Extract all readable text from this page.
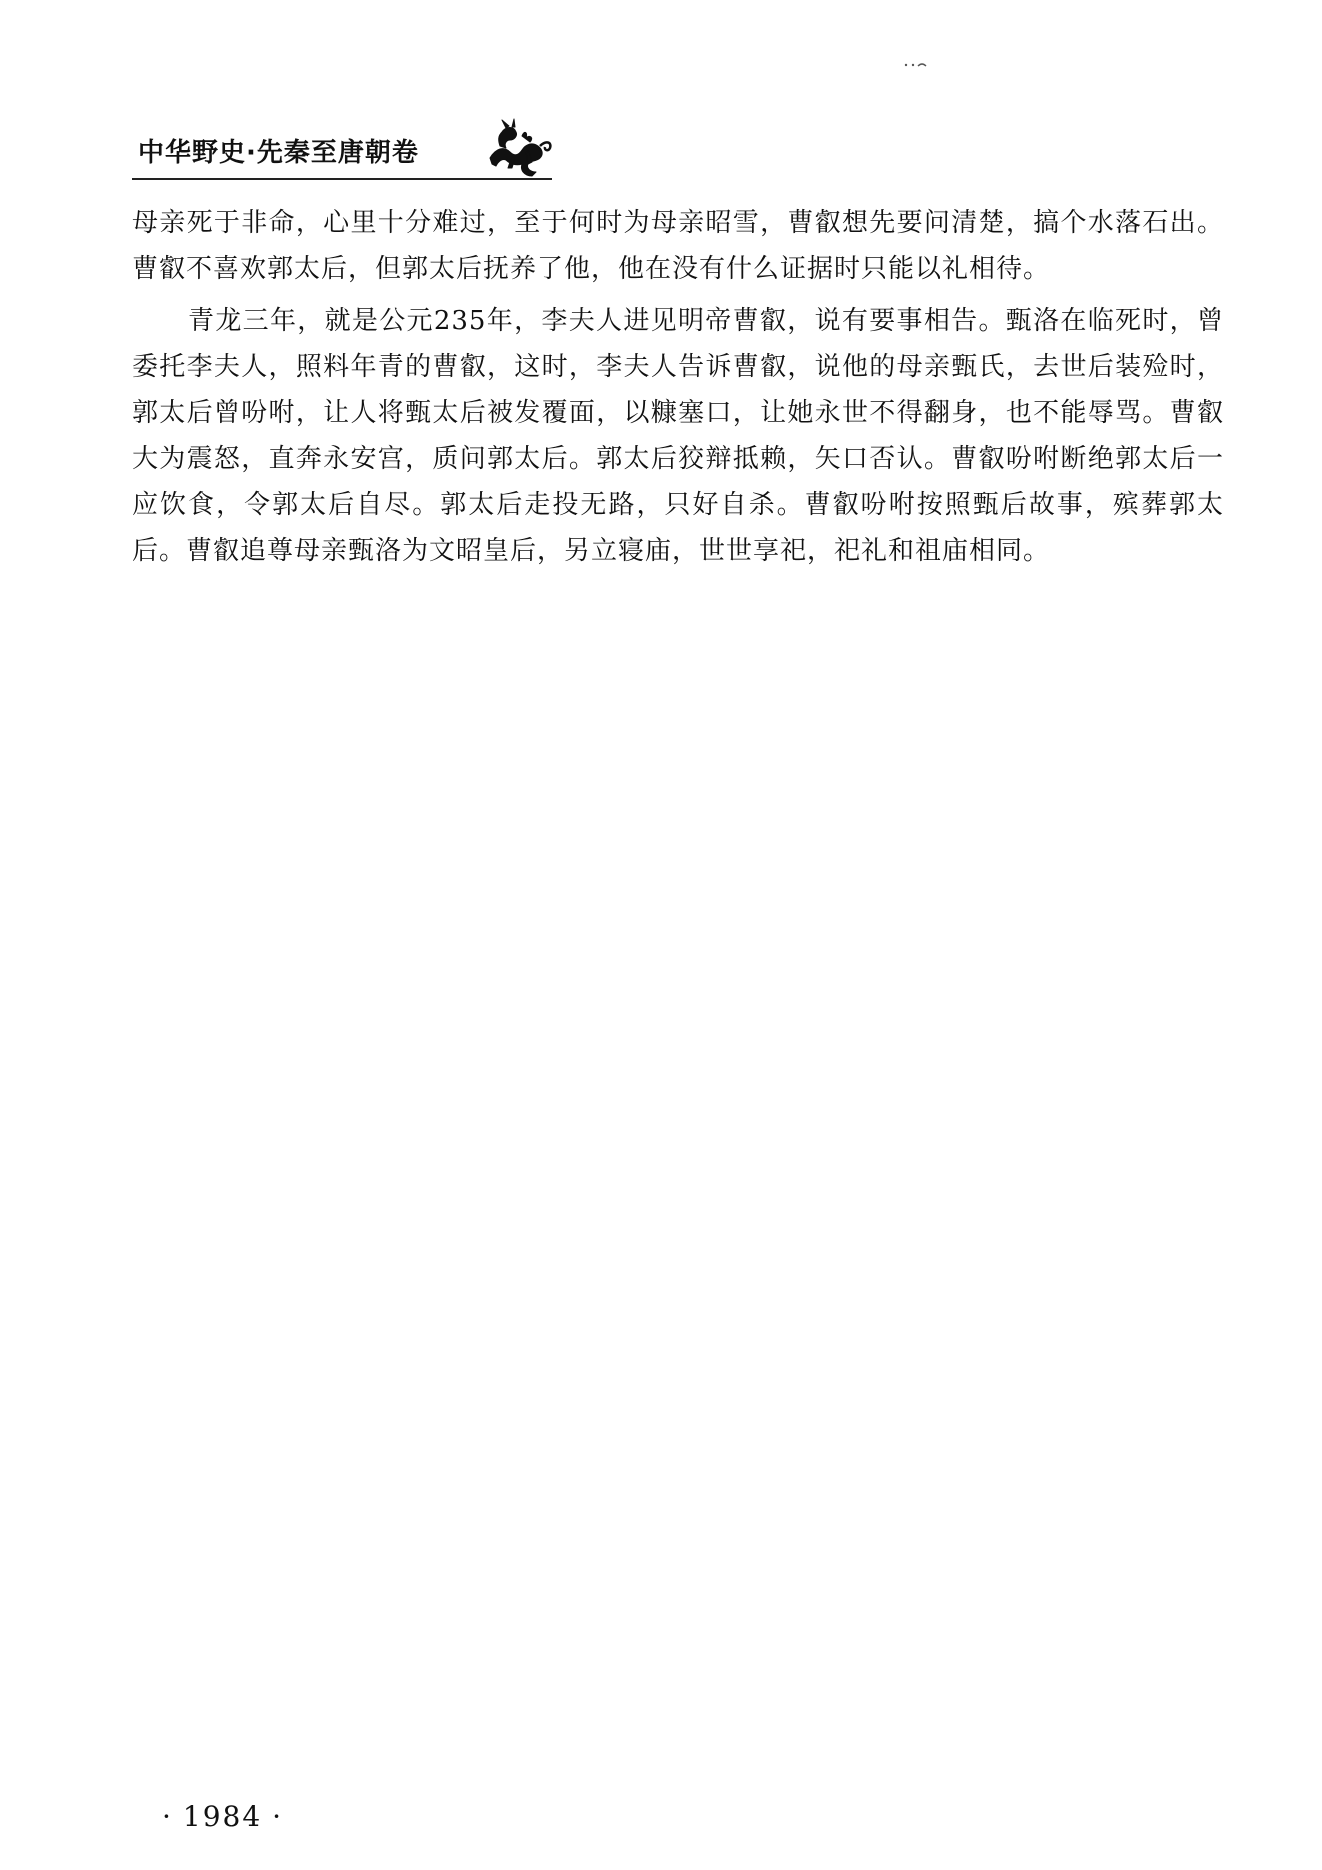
中华野史·先秦至唐朝卷

母亲死于非命，心里十分难过，至于何时为母亲昭雪，曹叡想先要问清楚，搞个水落石出。曹叡不喜欢郭太后，但郭太后抚养了他，他在没有什么证据时只能以礼相待。

青龙三年，就是公元235年，李夫人进见明帝曹叡，说有要事相告。甄洛在临死时，曾委托李夫人，照料年青的曹叡，这时，李夫人告诉曹叡，说他的母亲甄氏，去世后装殓时，郭太后曾吩咐，让人将甄太后被发覆面，以糠塞口，让她永世不得翻身，也不能辱骂。曹叡大为震怒，直奔永安宫，质问郭太后。郭太后狡辩抵赖，矢口否认。曹叡吩咐断绝郭太后一应饮食，令郭太后自尽。郭太后走投无路，只好自杀。曹叡吩咐按照甄后故事，殡葬郭太后。曹叡追尊母亲甄洛为文昭皇后，另立寝庙，世世享祀，祀礼和祖庙相同。

· 1984 ·
